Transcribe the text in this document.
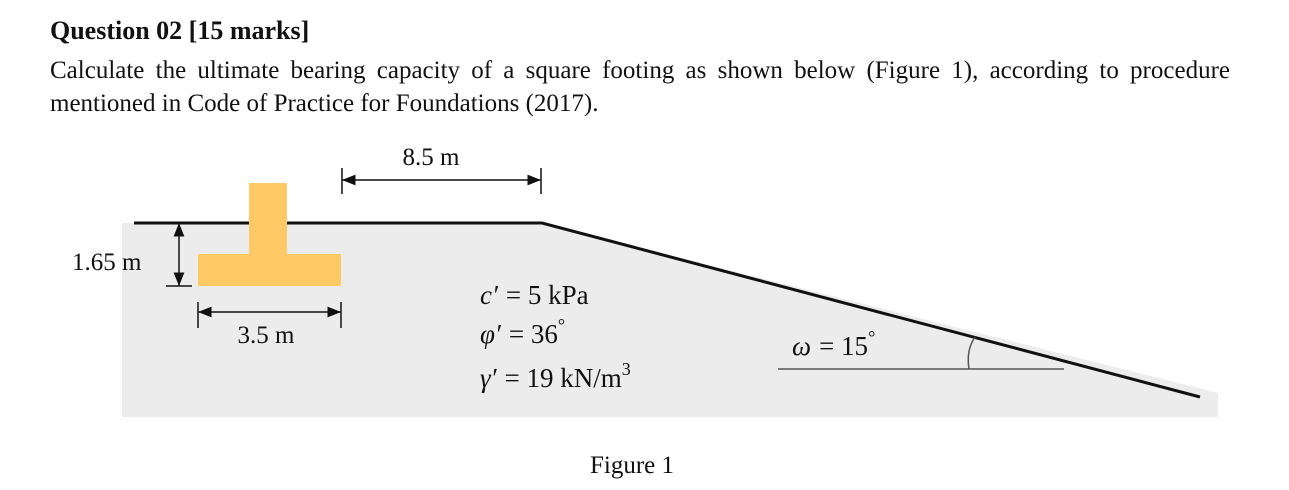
Question 02 [15 marks]

Calculate the ultimate bearing capacity of a square footing as shown below (Figure 1), according to procedure mentioned in Code of Practice for Foundations (2017).

8.5 m
1.65 m
3.5 m
c′ = 5 kPa
φ′ = 36°
γ′ = 19 $kN/m^3$
ω = 15°
Figure 1
